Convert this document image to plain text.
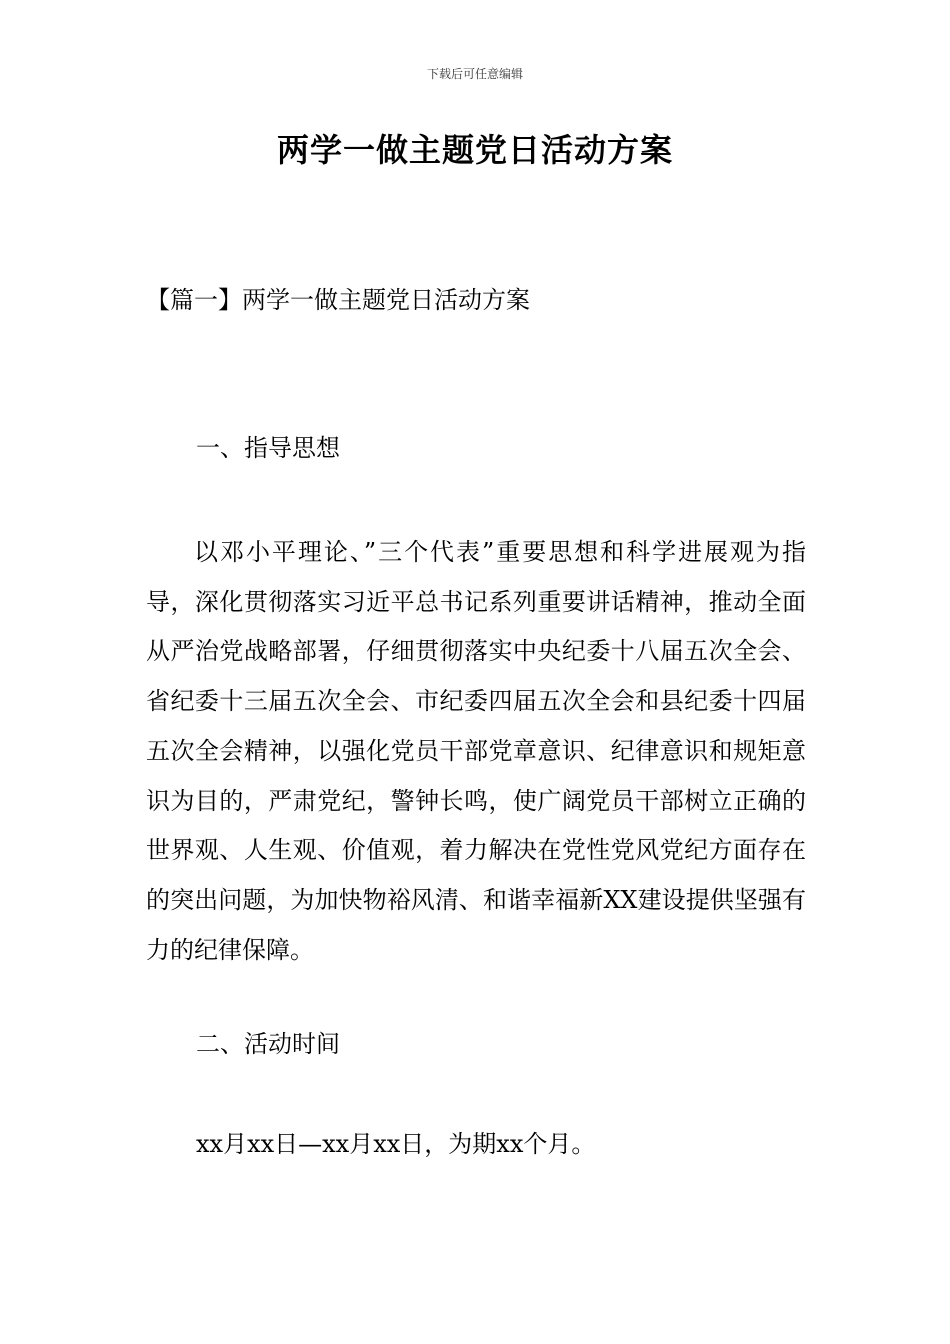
下载后可任意编辑
两学一做主题党日活动方案
【篇一】两学一做主题党日活动方案
一、指导思想

以邓小平理论、”三个代表”重要思想和科学进展观为指导，深化贯彻落实习近平总书记系列重要讲话精神，推动全面从严治党战略部署，仔细贯彻落实中央纪委十八届五次全会、省纪委十三届五次全会、市纪委四届五次全会和县纪委十四届五次全会精神，以强化党员干部党章意识、纪律意识和规矩意识为目的，严肃党纪，警钟长鸣，使广阔党员干部树立正确的世界观、人生观、价值观，着力解决在党性党风党纪方面存在的突出问题，为加快物裕风清、和谐幸福新XX建设提供坚强有力的纪律保障。

二、活动时间
xx月xx日—xx月xx日，为期xx个月。
